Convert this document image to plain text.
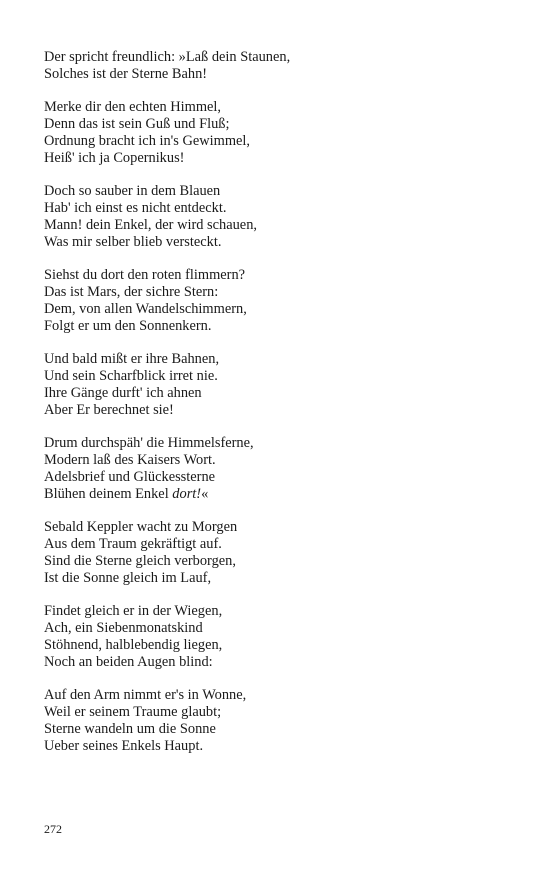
Der spricht freundlich: »Laß dein Staunen,
Solches ist der Sterne Bahn!
Merke dir den echten Himmel,
Denn das ist sein Guß und Fluß;
Ordnung bracht ich in's Gewimmel,
Heiß' ich ja Copernikus!
Doch so sauber in dem Blauen
Hab' ich einst es nicht entdeckt.
Mann! dein Enkel, der wird schauen,
Was mir selber blieb versteckt.
Siehst du dort den roten flimmern?
Das ist Mars, der sichre Stern:
Dem, von allen Wandelschimmern,
Folgt er um den Sonnenkern.
Und bald mißt er ihre Bahnen,
Und sein Scharfblick irret nie.
Ihre Gänge durft' ich ahnen
Aber Er berechnet sie!
Drum durchspäh' die Himmelsferne,
Modern laß des Kaisers Wort.
Adelsbrief und Glückessterne
Blühen deinem Enkel dort!«
Sebald Keppler wacht zu Morgen
Aus dem Traum gekräftigt auf.
Sind die Sterne gleich verborgen,
Ist die Sonne gleich im Lauf,
Findet gleich er in der Wiegen,
Ach, ein Siebenmonatskind
Stöhnend, halblebendig liegen,
Noch an beiden Augen blind:
Auf den Arm nimmt er's in Wonne,
Weil er seinem Traume glaubt;
Sterne wandeln um die Sonne
Ueber seines Enkels Haupt.
272
